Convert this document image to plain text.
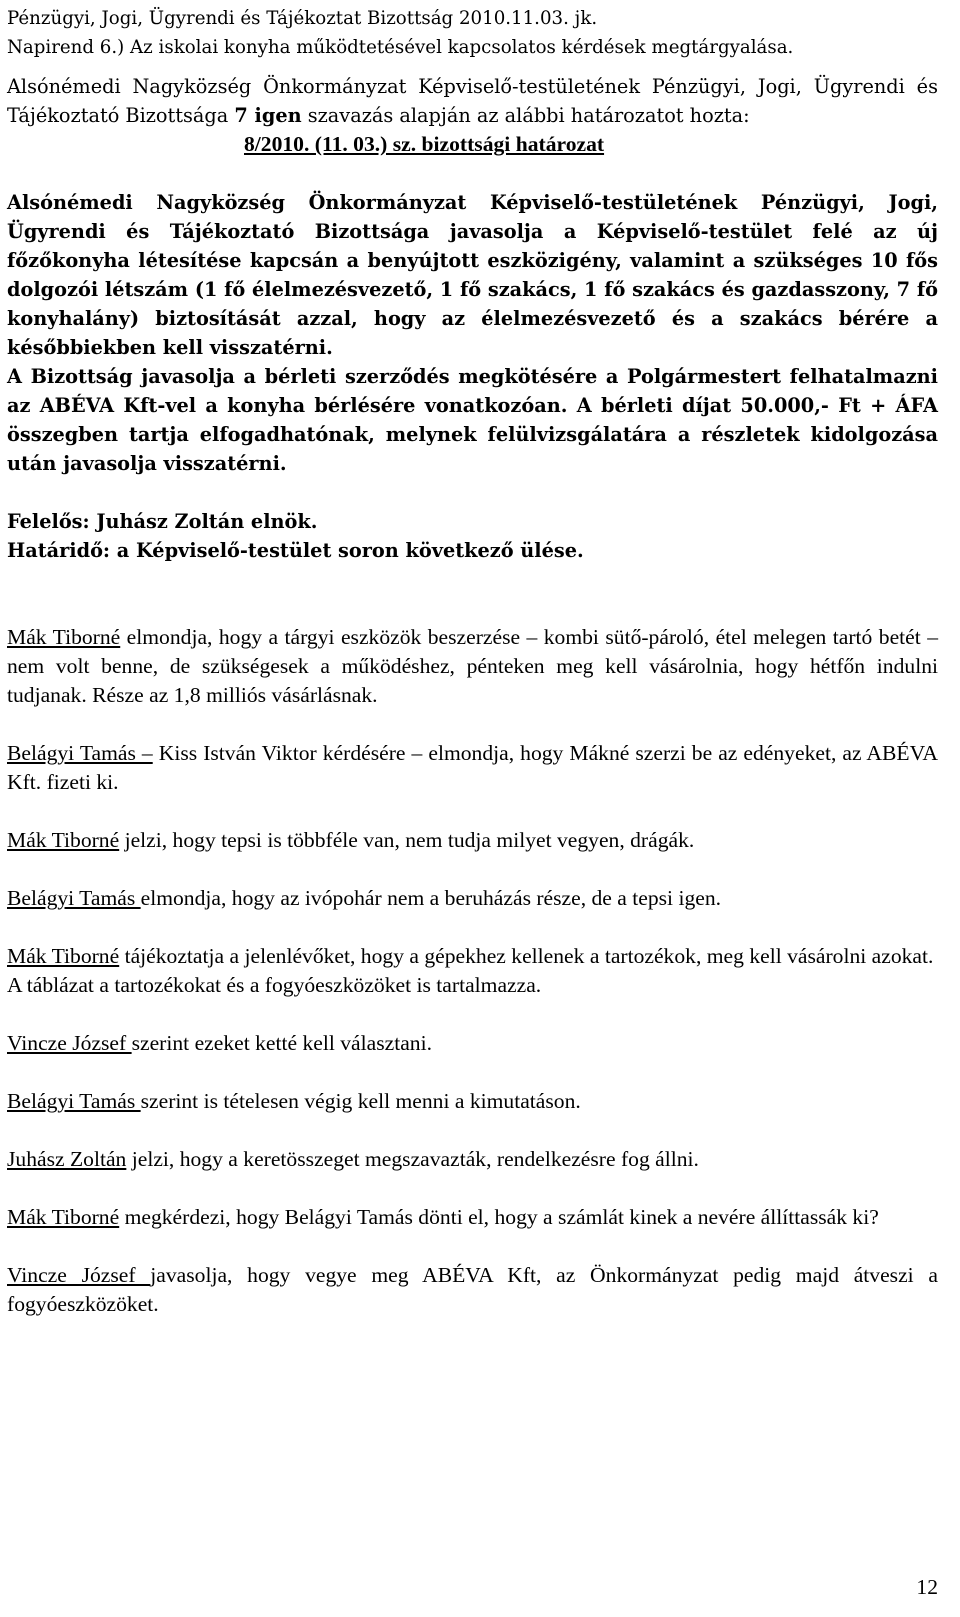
Pénzügyi, Jogi, Ügyrendi és Tájékoztat Bizottság 2010.11.03. jk.
Napirend 6.) Az iskolai konyha működtetésével kapcsolatos kérdések megtárgyalása.

Alsónémedi Nagyközség Önkormányzat Képviselő-testületének Pénzügyi, Jogi, Ügyrendi és Tájékoztató Bizottsága 7 igen szavazás alapján az alábbi határozatot hozta:

8/2010. (11. 03.) sz. bizottsági határozat

Alsónémedi Nagyközség Önkormányzat Képviselő-testületének Pénzügyi, Jogi, Ügyrendi és Tájékoztató Bizottsága javasolja a Képviselő-testület felé az új főzőkonyha létesítése kapcsán a benyújtott eszközigény, valamint a szükséges 10 fős dolgozói létszám (1 fő élelmezésvezető, 1 fő szakács, 1 fő szakács és gazdasszony, 7 fő konyhalány) biztosítását azzal, hogy az élelmezésvezető és a szakács bérére a későbbiekben kell visszatérni.

A Bizottság javasolja a bérleti szerződés megkötésére a Polgármestert felhatalmazni az ABÉVA Kft-vel a konyha bérlésére vonatkozóan. A bérleti díjat 50.000,- Ft + ÁFA összegben tartja elfogadhatónak, melynek felülvizsgálatára a részletek kidolgozása után javasolja visszatérni.

Felelős: Juhász Zoltán elnök.

Határidő: a Képviselő-testület soron következő ülése.

Mák Tiborné elmondja, hogy a tárgyi eszközök beszerzése – kombi sütő-pároló, étel melegen tartó betét – nem volt benne, de szükségesek a működéshez, pénteken meg kell vásárolnia, hogy hétfőn indulni tudjanak. Része az 1,8 milliós vásárlásnak.

Belágyi Tamás – Kiss István Viktor kérdésére – elmondja, hogy Mákné szerzi be az edényeket, az ABÉVA Kft. fizeti ki.

Mák Tiborné jelzi, hogy tepsi is többféle van, nem tudja milyet vegyen, drágák.

Belágyi Tamás elmondja, hogy az ivópohár nem a beruházás része, de a tepsi igen.

Mák Tiborné tájékoztatja a jelenlévőket, hogy a gépekhez kellenek a tartozékok, meg kell vásárolni azokat.

A táblázat a tartozékokat és a fogyóeszközöket is tartalmazza.

Vincze József szerint ezeket ketté kell választani.

Belágyi Tamás szerint is tételesen végig kell menni a kimutatáson.

Juhász Zoltán jelzi, hogy a keretösszeget megszavazták, rendelkezésre fog állni.

Mák Tiborné megkérdezi, hogy Belágyi Tamás dönti el, hogy a számlát kinek a nevére állíttassák ki?

Vincze József javasolja, hogy vegye meg ABÉVA Kft, az Önkormányzat pedig majd átveszi a fogyóeszközöket.

12
